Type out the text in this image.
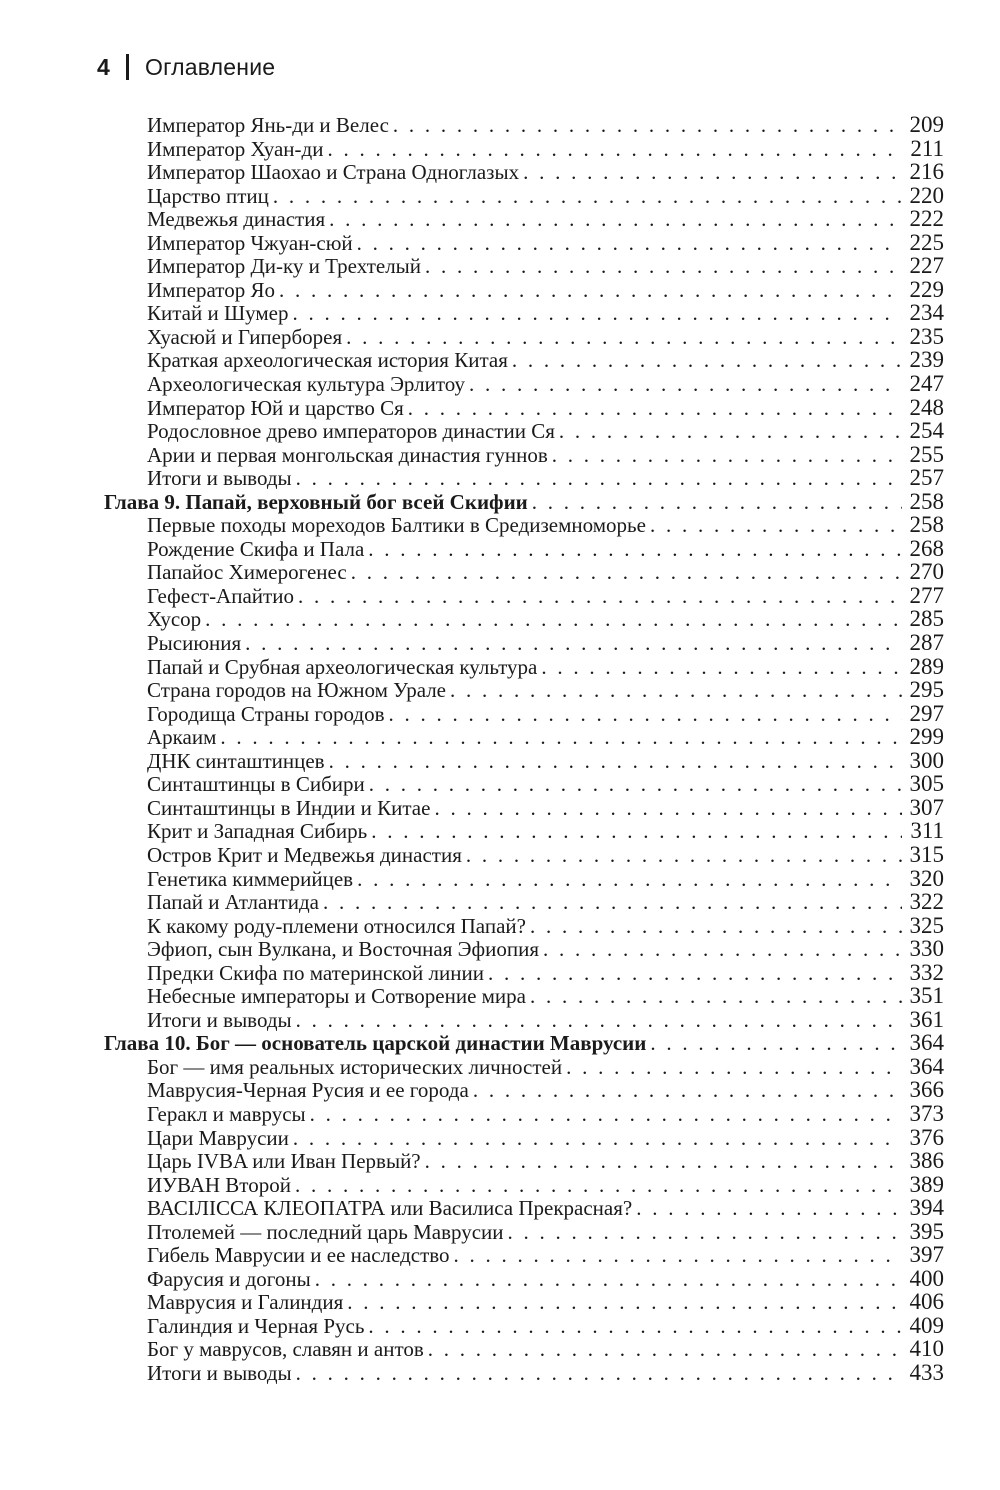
4 Оглавление
Император Янь-ди и Велес . . .	209
Император Хуан-ди . . .	211
Император Шаохао и Страна Одноглазых . . .	216
Царство птиц . . .	220
Медвежья династия . . .	222
Император Чжуан-сюй . . .	225
Император Ди-ку и Трехтелый . . .	227
Император Яо . . .	229
Китай и Шумер . . .	234
Хуасюй и Гиперборея . . .	235
Краткая археологическая история Китая . . .	239
Археологическая культура Эрлитоу . . .	247
Император Юй и царство Ся . . .	248
Родословное древо императоров династии Ся . . .	254
Арии и первая монгольская династия гуннов . . .	255
Итоги и выводы . . .	257
Глава 9. Папай, верховный бог всей Скифии . . .	258
Первые походы мореходов Балтики в Средиземноморье . . .	258
Рождение Скифа и Пала . . .	268
Папайос Химерогенес . . .	270
Гефест-Апайтио . . .	277
Хусор . . .	285
Рысиюния . . .	287
Папай и Срубная археологическая культура . . .	289
Страна городов на Южном Урале . . .	295
Городища Страны городов . . .	297
Аркаим . . .	299
ДНК синташтинцев . . .	300
Синташтинцы в Сибири . . .	305
Синташтинцы в Индии и Китае . . .	307
Крит и Западная Сибирь . . .	311
Остров Крит и Медвежья династия . . .	315
Генетика киммерийцев . . .	320
Папай и Атлантида . . .	322
К какому роду-племени относился Папай? . . .	325
Эфиоп, сын Вулкана, и Восточная Эфиопия . . .	330
Предки Скифа по материнской линии . . .	332
Небесные императоры и Сотворение мира . . .	351
Итоги и выводы . . .	361
Глава 10. Бог — основатель царской династии Маврусии . . .	364
Бог — имя реальных исторических личностей . . .	364
Маврусия-Черная Русия и ее города . . .	366
Геракл и маврусы . . .	373
Цари Маврусии . . .	376
Царь IVBA или Иван Первый? . . .	386
ИУВАН Второй . . .	389
ВАСІЛІССА КЛЕОПАТРА или Василиса Прекрасная? . . .	394
Птолемей — последний царь Маврусии . . .	395
Гибель Маврусии и ее наследство . . .	397
Фарусия и догоны . . .	400
Маврусия и Галиндия . . .	406
Галиндия и Черная Русь . . .	409
Бог у маврусов, славян и антов . . .	410
Итоги и выводы . . .	433
